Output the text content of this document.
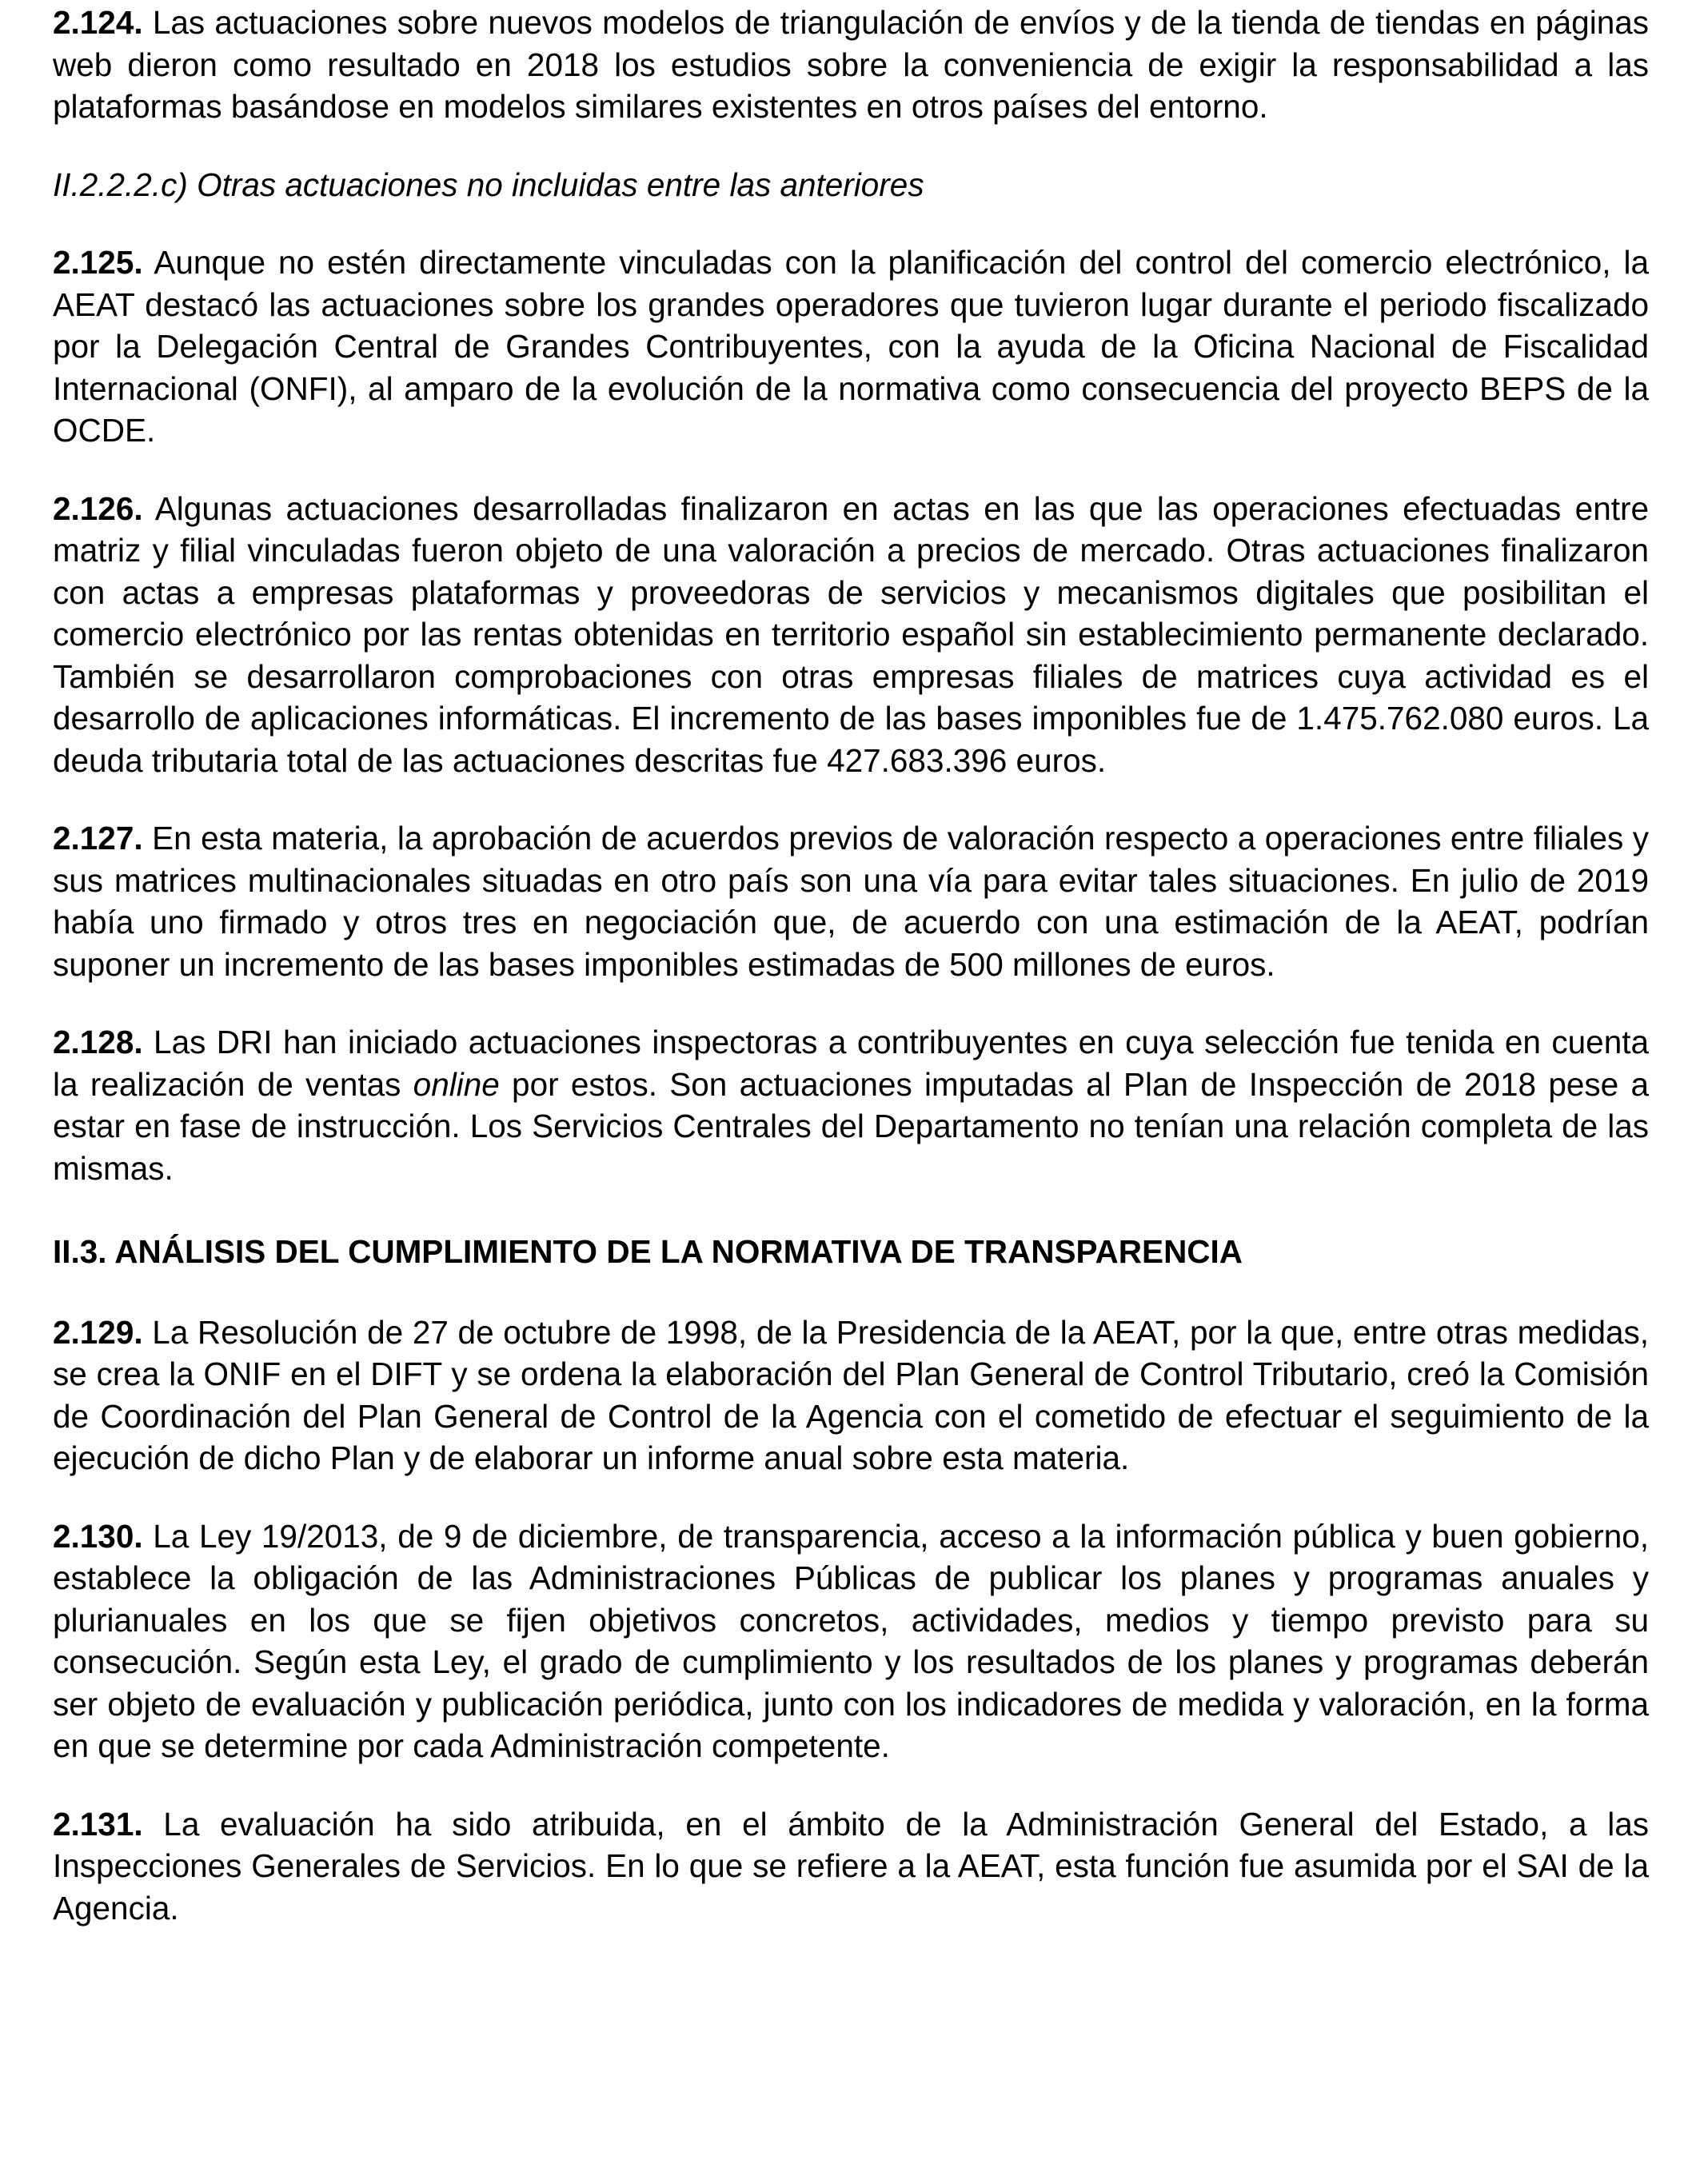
2.124. Las actuaciones sobre nuevos modelos de triangulación de envíos y de la tienda de tiendas en páginas web dieron como resultado en 2018 los estudios sobre la conveniencia de exigir la responsabilidad a las plataformas basándose en modelos similares existentes en otros países del entorno.

II.2.2.2.c) Otras actuaciones no incluidas entre las anteriores

2.125. Aunque no estén directamente vinculadas con la planificación del control del comercio electrónico, la AEAT destacó las actuaciones sobre los grandes operadores que tuvieron lugar durante el periodo fiscalizado por la Delegación Central de Grandes Contribuyentes, con la ayuda de la Oficina Nacional de Fiscalidad Internacional (ONFI), al amparo de la evolución de la normativa como consecuencia del proyecto BEPS de la OCDE.

2.126. Algunas actuaciones desarrolladas finalizaron en actas en las que las operaciones efectuadas entre matriz y filial vinculadas fueron objeto de una valoración a precios de mercado. Otras actuaciones finalizaron con actas a empresas plataformas y proveedoras de servicios y mecanismos digitales que posibilitan el comercio electrónico por las rentas obtenidas en territorio español sin establecimiento permanente declarado. También se desarrollaron comprobaciones con otras empresas filiales de matrices cuya actividad es el desarrollo de aplicaciones informáticas. El incremento de las bases imponibles fue de 1.475.762.080 euros. La deuda tributaria total de las actuaciones descritas fue 427.683.396 euros.

2.127. En esta materia, la aprobación de acuerdos previos de valoración respecto a operaciones entre filiales y sus matrices multinacionales situadas en otro país son una vía para evitar tales situaciones. En julio de 2019 había uno firmado y otros tres en negociación que, de acuerdo con una estimación de la AEAT, podrían suponer un incremento de las bases imponibles estimadas de 500 millones de euros.

2.128. Las DRI han iniciado actuaciones inspectoras a contribuyentes en cuya selección fue tenida en cuenta la realización de ventas online por estos. Son actuaciones imputadas al Plan de Inspección de 2018 pese a estar en fase de instrucción. Los Servicios Centrales del Departamento no tenían una relación completa de las mismas.

II.3. ANÁLISIS DEL CUMPLIMIENTO DE LA NORMATIVA DE TRANSPARENCIA

2.129. La Resolución de 27 de octubre de 1998, de la Presidencia de la AEAT, por la que, entre otras medidas, se crea la ONIF en el DIFT y se ordena la elaboración del Plan General de Control Tributario, creó la Comisión de Coordinación del Plan General de Control de la Agencia con el cometido de efectuar el seguimiento de la ejecución de dicho Plan y de elaborar un informe anual sobre esta materia.

2.130. La Ley 19/2013, de 9 de diciembre, de transparencia, acceso a la información pública y buen gobierno, establece la obligación de las Administraciones Públicas de publicar los planes y programas anuales y plurianuales en los que se fijen objetivos concretos, actividades, medios y tiempo previsto para su consecución. Según esta Ley, el grado de cumplimiento y los resultados de los planes y programas deberán ser objeto de evaluación y publicación periódica, junto con los indicadores de medida y valoración, en la forma en que se determine por cada Administración competente.

2.131. La evaluación ha sido atribuida, en el ámbito de la Administración General del Estado, a las Inspecciones Generales de Servicios. En lo que se refiere a la AEAT, esta función fue asumida por el SAI de la Agencia.
